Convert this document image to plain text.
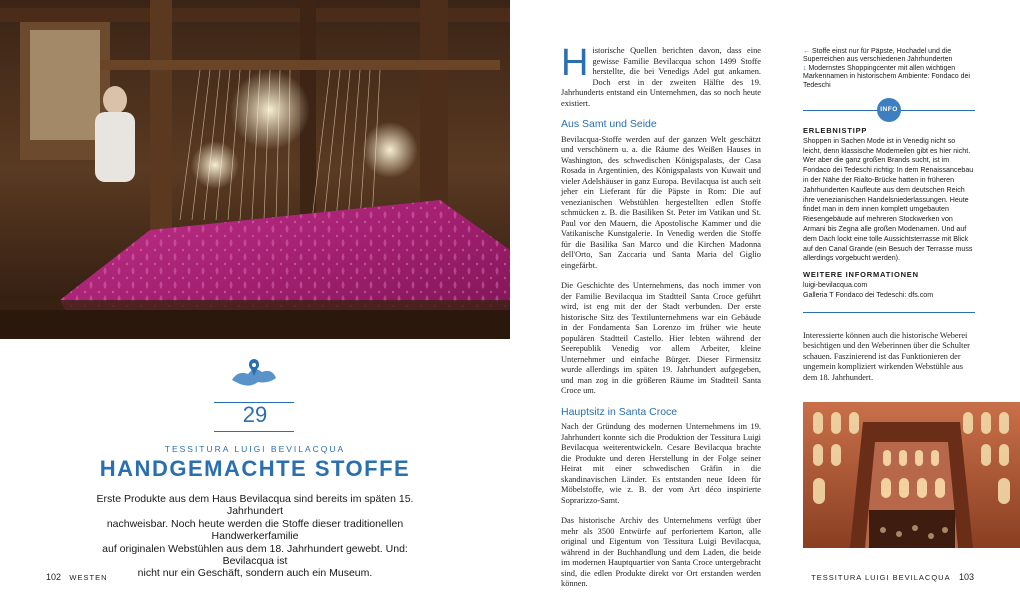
29
TESSITURA LUIGI BEVILACQUA
HANDGEMACHTE STOFFE
Erste Produkte aus dem Haus Bevilacqua sind bereits im späten 15. Jahrhundert
nachweisbar. Noch heute werden die Stoffe dieser traditionellen Handwerkerfamilie
auf originalen Webstühlen aus dem 18. Jahrhundert gewebt. Und: Bevilacqua ist
nicht nur ein Geschäft, sondern auch ein Museum.
102 WESTEN

Historische Quellen berichten davon, dass eine gewisse Familie Bevilacqua schon 1499 Stoffe herstellte, die bei Venedigs Adel gut ankamen. Doch erst in der zweiten Hälfte des 19. Jahrhunderts entstand ein Unternehmen, das so noch heute existiert.

Aus Samt und Seide

Bevilacqua-Stoffe werden auf der ganzen Welt geschätzt und verschönern u. a. die Räume des Weißen Hauses in Washington, des schwedischen Königspalasts, der Casa Rosada in Argentinien, des Königspalasts von Kuwait und vieler Adelshäuser in ganz Europa. Bevilacqua ist auch seit jeher ein Lieferant für die Päpste in Rom: Die auf venezianischen Webstühlen hergestellten edlen Stoffe schmücken z. B. die Basiliken St. Peter im Vatikan und St. Paul vor den Mauern, die Apostolische Kammer und die Vatikanische Kunstgalerie. In Venedig werden die Stoffe für die Basilika San Marco und die Kirchen Madonna dell'Orto, San Zaccaria und Santa Maria del Giglio eingefärbt.

Die Geschichte des Unternehmens, das noch immer von der Familie Bevilacqua im Stadtteil Santa Croce geführt wird, ist eng mit der der Stadt verbunden. Der erste historische Sitz des Textilunternehmens war ein Gebäude in der Fondamenta San Lorenzo im früher wie heute populären Stadtteil Castello. Hier lebten während der Seerepublik Venedig vor allem Arbeiter, kleine Unternehmer und einfache Bürger. Dieser Firmensitz wurde allerdings im späten 19. Jahrhundert aufgegeben, und man zog in die größeren Räume im Stadtteil Santa Croce um.

Hauptsitz in Santa Croce

Nach der Gründung des modernen Unternehmens im 19. Jahrhundert konnte sich die Produktion der Tessitura Luigi Bevilacqua weiterentwickeln. Cesare Bevilacqua brachte die Produkte und deren Herstellung in der Folge seiner Heirat mit einer schwedischen Gräfin in die skandinavischen Länder. Es entstanden neue Ideen für Möbelstoffe, wie z. B. der vom Art déco inspirierte Soprarizzo-Samt.

Das historische Archiv des Unternehmens verfügt über mehr als 3500 Entwürfe auf perforiertem Karton, alle original und Eigentum von Tessitura Luigi Bevilacqua, während in der Buchhandlung und dem Laden, die beide im modernen Hauptquartier von Santa Croce untergebracht sind, die edlen Produkte direkt vor Ort erstanden werden können.

← Stoffe einst nur für Päpste, Hochadel und die Superreichen aus verschiedenen Jahrhunderten
↓ Modernstes Shoppingcenter mit allen wichtigen Markennamen in historischem Ambiente: Fondaco dei Tedeschi
INFO
ERLEBNISTIPP
Shoppen in Sachen Mode ist in Venedig nicht so leicht, denn klassische Modemeilen gibt es hier nicht. Wer aber die ganz großen Brands sucht, ist im Fondaco dei Tedeschi richtig: In dem Renaissancebau in der Nähe der Rialto-Brücke hatten in früheren Jahrhunderten Kaufleute aus dem deutschen Reich ihre venezianischen Handelsniederlassungen. Heute findet man in dem innen komplett umgebauten Riesengebäude auf mehreren Stockwerken von Armani bis Zegna alle großen Modenamen. Und auf dem Dach lockt eine tolle Aussichtsterrasse mit Blick auf den Canal Grande (ein Besuch der Terrasse muss allerdings vorgebucht werden).
WEITERE INFORMATIONEN
luigi-bevilacqua.com
Galleria T Fondaco dei Tedeschi: dfs.com
Interessierte können auch die historische Weberei besichtigen und den Weberinnen über die Schulter schauen. Faszinierend ist das Funktionieren der ungemein kompliziert wirkenden Webstühle aus dem 18. Jahrhundert.
TESSITURA LUIGI BEVILACQUA 103
